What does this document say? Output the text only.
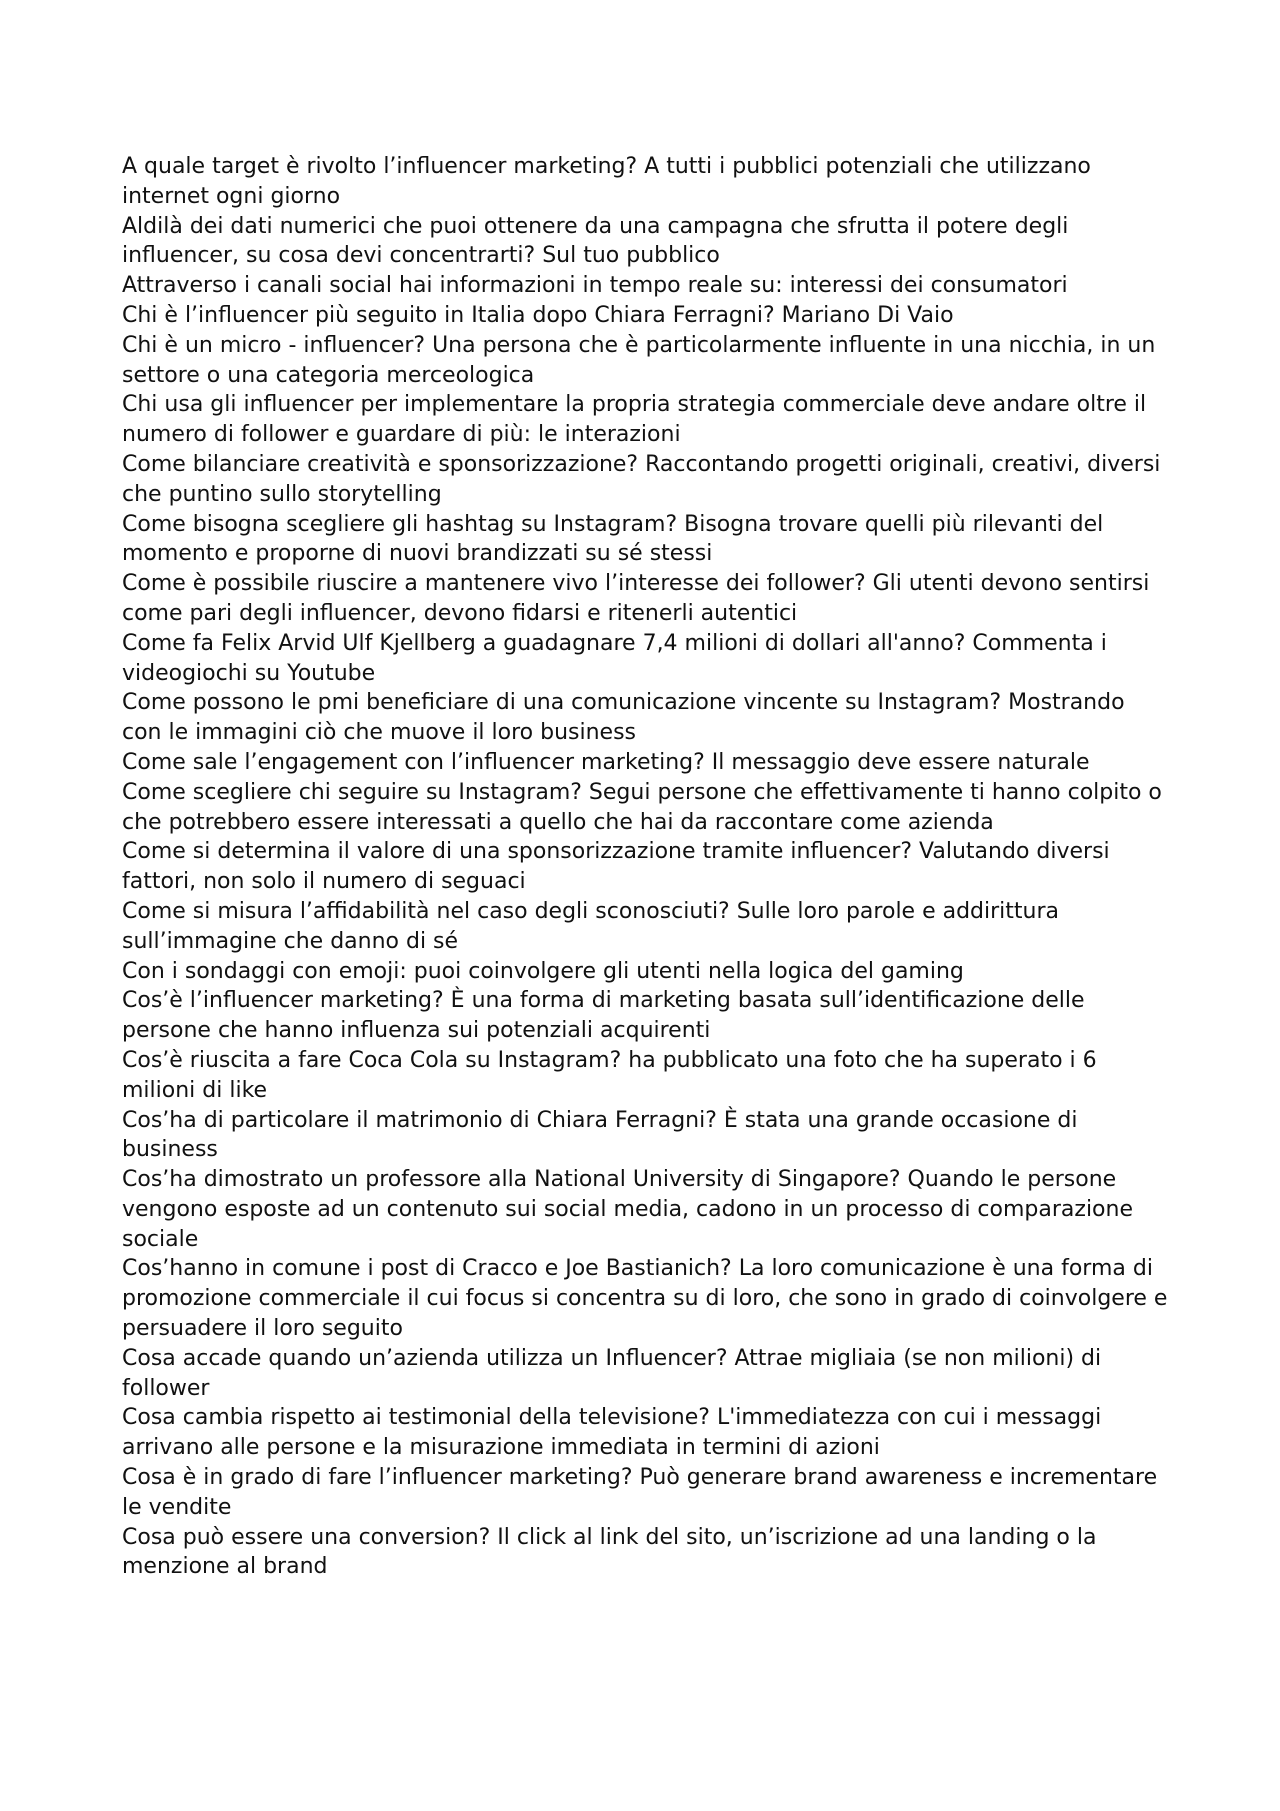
A quale target è rivolto l’influencer marketing? A tutti i pubblici potenziali che utilizzano internet ogni giorno

Aldilà dei dati numerici che puoi ottenere da una campagna che sfrutta il potere degli influencer, su cosa devi concentrarti? Sul tuo pubblico

Attraverso i canali social hai informazioni in tempo reale su: interessi dei consumatori

Chi è l’influencer più seguito in Italia dopo Chiara Ferragni? Mariano Di Vaio

Chi è un micro - influencer? Una persona che è particolarmente influente in una nicchia, in un settore o una categoria merceologica

Chi usa gli influencer per implementare la propria strategia commerciale deve andare oltre il numero di follower e guardare di più: le interazioni

Come bilanciare creatività e sponsorizzazione? Raccontando progetti originali, creativi, diversi che puntino sullo storytelling

Come bisogna scegliere gli hashtag su Instagram? Bisogna trovare quelli più rilevanti del momento e proporne di nuovi brandizzati su sé stessi

Come è possibile riuscire a mantenere vivo l’interesse dei follower? Gli utenti devono sentirsi come pari degli influencer, devono fidarsi e ritenerli autentici

Come fa Felix Arvid Ulf Kjellberg a guadagnare 7,4 milioni di dollari all'anno? Commenta i videogiochi su Youtube

Come possono le pmi beneficiare di una comunicazione vincente su Instagram? Mostrando con le immagini ciò che muove il loro business

Come sale l’engagement con l’influencer marketing? Il messaggio deve essere naturale

Come scegliere chi seguire su Instagram? Segui persone che effettivamente ti hanno colpito o che potrebbero essere interessati a quello che hai da raccontare come azienda

Come si determina il valore di una sponsorizzazione tramite influencer? Valutando diversi fattori, non solo il numero di seguaci

Come si misura l’affidabilità nel caso degli sconosciuti? Sulle loro parole e addirittura sull’immagine che danno di sé

Con i sondaggi con emoji: puoi coinvolgere gli utenti nella logica del gaming

Cos’è l’influencer marketing? È una forma di marketing basata sull’identificazione delle persone che hanno influenza sui potenziali acquirenti

Cos’è riuscita a fare Coca Cola su Instagram? ha pubblicato una foto che ha superato i 6 milioni di like

Cos’ha di particolare il matrimonio di Chiara Ferragni? È stata una grande occasione di business

Cos’ha dimostrato un professore alla National University di Singapore? Quando le persone vengono esposte ad un contenuto sui social media, cadono in un processo di comparazione sociale

Cos’hanno in comune i post di Cracco e Joe Bastianich? La loro comunicazione è una forma di promozione commerciale il cui focus si concentra su di loro, che sono in grado di coinvolgere e persuadere il loro seguito

Cosa accade quando un’azienda utilizza un Influencer? Attrae migliaia (se non milioni) di follower

Cosa cambia rispetto ai testimonial della televisione? L'immediatezza con cui i messaggi arrivano alle persone e la misurazione immediata in termini di azioni

Cosa è in grado di fare l’influencer marketing? Può generare brand awareness e incrementare le vendite

Cosa può essere una conversion? Il click al link del sito, un’iscrizione ad una landing o la menzione al brand
